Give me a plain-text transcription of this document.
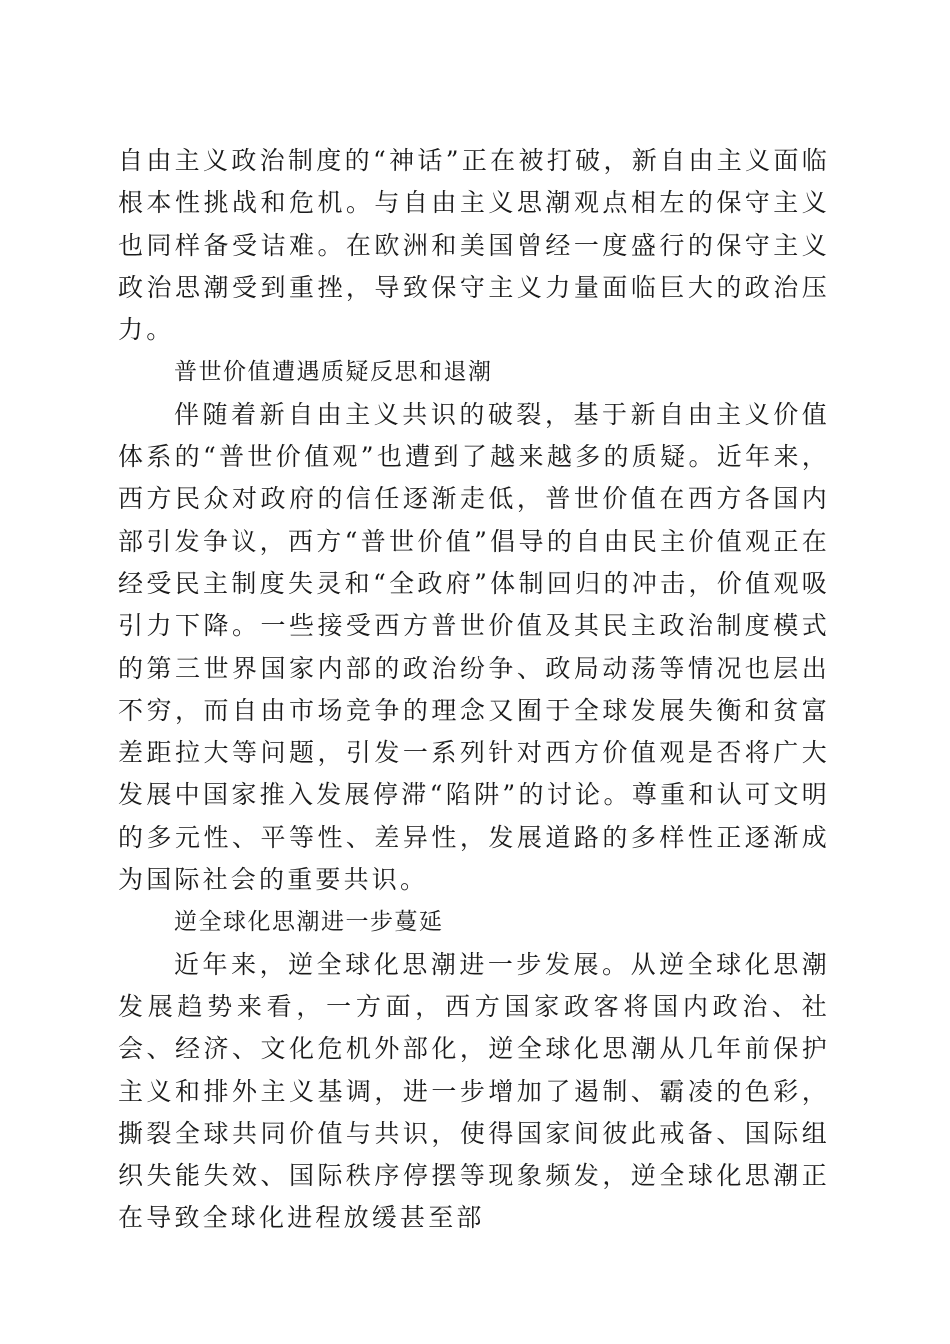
自由主义政治制度的“神话”正在被打破，新自由主义面临根本性挑战和危机。与自由主义思潮观点相左的保守主义也同样备受诘难。在欧洲和美国曾经一度盛行的保守主义政治思潮受到重挫，导致保守主义力量面临巨大的政治压力。

普世价值遭遇质疑反思和退潮

伴随着新自由主义共识的破裂，基于新自由主义价值体系的“普世价值观”也遭到了越来越多的质疑。近年来，西方民众对政府的信任逐渐走低，普世价值在西方各国内部引发争议，西方“普世价值”倡导的自由民主价值观正在经受民主制度失灵和“全政府”体制回归的冲击，价值观吸引力下降。一些接受西方普世价值及其民主政治制度模式的第三世界国家内部的政治纷争、政局动荡等情况也层出不穷，而自由市场竞争的理念又囿于全球发展失衡和贫富差距拉大等问题，引发一系列针对西方价值观是否将广大发展中国家推入发展停滞“陷阱”的讨论。尊重和认可文明的多元性、平等性、差异性，发展道路的多样性正逐渐成为国际社会的重要共识。

逆全球化思潮进一步蔓延

近年来，逆全球化思潮进一步发展。从逆全球化思潮发展趋势来看，一方面，西方国家政客将国内政治、社会、经济、文化危机外部化，逆全球化思潮从几年前保护主义和排外主义基调，进一步增加了遏制、霸凌的色彩，撕裂全球共同价值与共识，使得国家间彼此戒备、国际组织失能失效、国际秩序停摆等现象频发，逆全球化思潮正在导致全球化进程放缓甚至部
